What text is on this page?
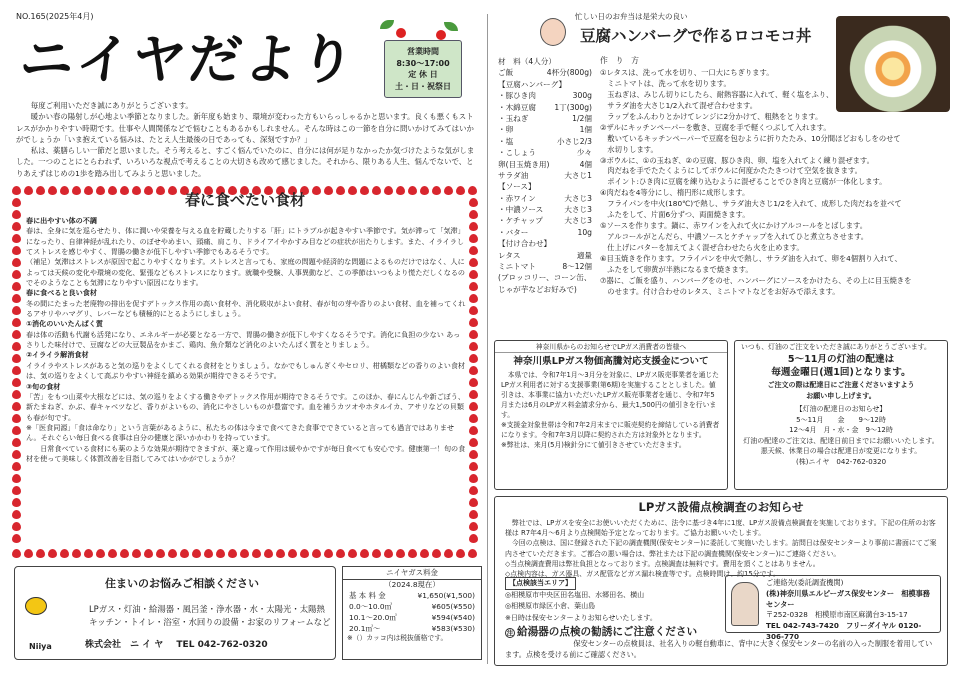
NO.165(2025年4月)
ニイヤだより	営業時間
8:30～17:00
定 休 日
土・日・祝祭日

毎度ご利用いただき誠にありがとうございます。

暖かい春の陽射しが心地よい季節となりました。新年度も始まり、環境が変わった方もいらっしゃるかと思います。良くも悪くもストレスがかかりやすい時期です。仕事や人間関係などで悩むこともあるかもしれません。そんな時はこの一節を自分に問いかけてみてはいかがでしょうか「いま抱えている悩みは、たとえ人生最後の日であっても、深刻ですか？」

私は、薬膳らしい一節だと思いました。そう考えると、すごく悩んでいたのに、自分には何が足りなかったか気づけたような気がしました。一つのことにとらわれず、いろいろな視点で考えることの大切さも改めて感じました。それから、限りある人生、悩んでないで、とりあえずはじめの1歩を踏み出してみようと思いました。

春に食べたい食材
春に出やすい体の不調

春は、全身に気を巡らせたり、体に潤いや栄養を与える血を貯蔵したりする「肝」にトラブルが起きやすい季節です。気が滞って「気滞」になったり、自律神経が乱れたり、のぼせやめまい、頭痛、肩こり、ドライアイやかすみ目などの症状が出たりします。また、イライラしてストレスを感じやすく、胃腸の働きが低下しやすい季節でもあるそうです。

（補足）気滞はストレスが原因で起こりやすくなります。ストレスと言っても、家庭の問題や経済的な問題によるものだけではなく、人によっては天候の変化や環境の変化、緊張などもストレスになります。就職や受験、人事異動など、この季節はいつもより慌ただしくなるのでそのようなことも気滞になりやすい原因になります。

春に食べると良い食材

冬の間にたまった老廃物の排出を促すデトックス作用の高い食材や、消化吸収がよい食材、春が旬の芽や香りのよい食材、血を補ってくれるアサリやハマグリ、レバーなども積極的にとるようにしましょう。

①消化のいいたんぱく質

春は体の活動も代謝も活発になり、エネルギーが必要となる一方で、胃腸の働きが低下しやすくなるそうです。消化に負担の少ない あっさりした味付けで、豆腐などの大豆製品をかまご、鶏肉、魚介類など消化のよいたんぱく質をとりましょう。

②イライラ解消食材

イライラやストレスがあると気の巡りをよくしてくれる食材をとりましょう。なかでもしゅんぎくやセロリ、柑橘類などの香りのよい食材は、気の巡りをよくして高ぶりやすい神経を鎮める効果が期待できるそうです。

③旬の食材

「苦」をもつ山菜や大根などには、気の巡りをよくする働きやデトックス作用が期待できるそうです。このほか、春にんじんや新ごぼう、新たまねぎ、かぶ、春キャベツなど、香りがよいもの、消化にやさしいものが豊富です。血を補うカツオやホタルイカ、アサリなどの貝類も春が旬です。

※「医食同源」「食は命なり」という言葉があるように、私たちの体は今まで食べてきた食事でできていると言っても過言ではありません。それぐらい毎日食べる食事は自分の健康と深いかかわりを持っています。

日常食べている食材にも薬のような効果が期待できますが、薬と違って作用は緩やかですが毎日食べても安心です。健康第一！旬の食材を使って美味しく体質改善を目指してみてはいかがでしょうか？

住まいのお悩みご相談ください
LPガス・灯油・給湯器・風呂釜・浄水器・水・太陽光・太陽熱
キッチン・トイレ・浴室・水回りの設備・お家のリフォームなど
Niiya	株式会社　ニ イ ヤ TEL 042-762-0320
ニイヤガス料金
（2024.8現在）
基 本 料 金	¥1,650(¥1,500)
0.0～10.0㎥	¥605(¥550)
10.1～20.0㎥	¥594(¥540)
20.1㎥～	¥583(¥530)
※（）カッコ内は税抜価格です。
忙しい日のお弁当は是栄大の良い
豆腐ハンバーグで作るロコモコ丼
材　料（4人分）
ご飯	4杯分(800g)
【豆腐ハンバーグ】
・豚ひき肉	300g
・木綿豆腐 1丁(300g)
・玉ねぎ	1/2個
・卵	1個
・塩	小さじ2/3
・こしょう	少々
卵(目玉焼き用)	4個
サラダ油	大さじ1
【ソース】
・赤ワイン	大さじ3
・中濃ソース	大さじ3
・ケチャップ	大さじ3
・バター	10g
【付け合わせ】
レタス	適量
ミニトマト	8～12個
(ブロッコリー、コーン缶、
じゃが芋などお好みで)
作　り　方
①レタスは、洗って水を切り、一口大にちぎります。
　ミニトマトは、洗って水を切ります。
　玉ねぎは、みじん切りにしたら、耐熱容器に入れて、軽く塩をふり、
　サラダ油を大さじ1/2入れて混ぜ合わせます。
　ラップをふんわりとかけてレンジに2分かけて、粗熱をとります。
②ザルにキッチンペーパーを敷き、豆腐を手で軽くつぶして入れます。
　敷いているキッチンペーパーで豆腐を包むように折りたたみ、10分間ほどおもしをのせて
　水切りします。
③ボウルに、①の玉ねぎ、②の豆腐、豚ひき肉、卵、塩を入れてよく練り混ぜます。
　肉だねを手でたたくようにしてボウルに何度かたたきつけて空気を抜きます。
　ポイント:ひき肉に豆腐を練り込むように混ぜることでひき肉と豆腐が一体化します。
④肉だねを4等分にし、楕円形に成形します。
　フライパンを中火(180℃)で熱し、サラダ油大さじ1/2を入れて、成形した肉だねを並べて
　ふたをして、片面6分ずつ、両面焼きます。
⑤ソースを作ります。鍋に、赤ワインを入れて火にかけアルコールをとばします。
　アルコールがとんだら、中濃ソースとケチャップを入れてひと煮立ちさせます。
　仕上げにバターを加えてよく混ぜ合わせたら火を止めます。
⑥目玉焼きを作ります。フライパンを中火で熱し、サラダ油を入れて、卵を4個割り入れて、
　ふたをして卵黄が半熟になるまで焼きます。
⑦器に、ご飯を盛り、ハンバーグをのせ、ハンバーグにソースをかけたら、その上に目玉焼きを
　のせます。付け合わせのレタス、ミニトマトなどをお好みで添えます。
神奈川県からのお知らせでLPガス消費者の皆様へ
神奈川県LPガス物価高騰対応支援金について

本県では、令和7年1月～3月分を対象に、LPガス販売事業者を通じたLPガス利用者に対する支援事業(第6期)を実施することとしました。値引きは、本事業に協力いただいたLPガス販売事業者を通じ、令和7年5月または6月のLPガス料金請求分から、最大1,500円の値引きを行います。

※支援金対象世帯は令和7年2月末までに販売契約を締結している消費者になります。令和7年3月以降に契約された方は対象外となります。

※弊社は、来月(5月)検針分にて値引きさせていただきます。

いつも、灯油のご注文をいただき誠にありがとうございます。
5～11月の灯油の配達は
毎週金曜日(週1回)となります。
ご注文の際は配達日にご注意くださいますよう
お願い申し上げます。
【灯油の配達日のお知らせ】
5～11月　　金　　9～12時
12～4月　月・水・金　9～12時
灯油の配達のご注文は、配達日前日までにお願いいたします。
悪天候、休業日の場合は配達日が変更になります。
(株)ニイヤ　042-762-0320
LPガス設備点検調査のお知らせ

弊社では、LPガスを安全にお使いいただくために、法令に基づき4年に1度、LPガス設備点検調査を実施しております。下記の住所のお客様は R7年4月～6月より点検開始予定となっております。ご協力お願いいたします。

今回の点検は、国に登録された下記の調査機関(保安センター)に委託して実施いたします。訪問日は保安センターより事前に書面にてご案内させていただきます。ご都合の悪い場合は、弊社または下記の調査機関(保安センター)にご連絡ください。

◇当点検調査費用は弊社負担となっております。点検調査は無料です。費用を頂くことはありません。

◇点検内容は、ガス器具、ガス配管などガス漏れ検査等です。点検時間は、約15分です。

【点検該当エリア】
◎相模原市中央区田名塩田、水郷田名、横山
◎相模原市緑区小倉、葉山島
※日時は保安センターよりお知らせいたします。
ご連絡先(委託調査機関)
(株)神奈川県エルピーガス保安センター　相模事務センター
〒252-0328　相模原市南区麻溝台3-15-17
TEL 042-743-7420　フリーダイヤル 0120-306-770
注 給湯器の点検の勧誘にご注意ください
保安センターの点検員は、社名入りの軽自動車に、背中に大きく保安センターの名前の入った制服を着用しています。点検を受ける前にご確認ください。
